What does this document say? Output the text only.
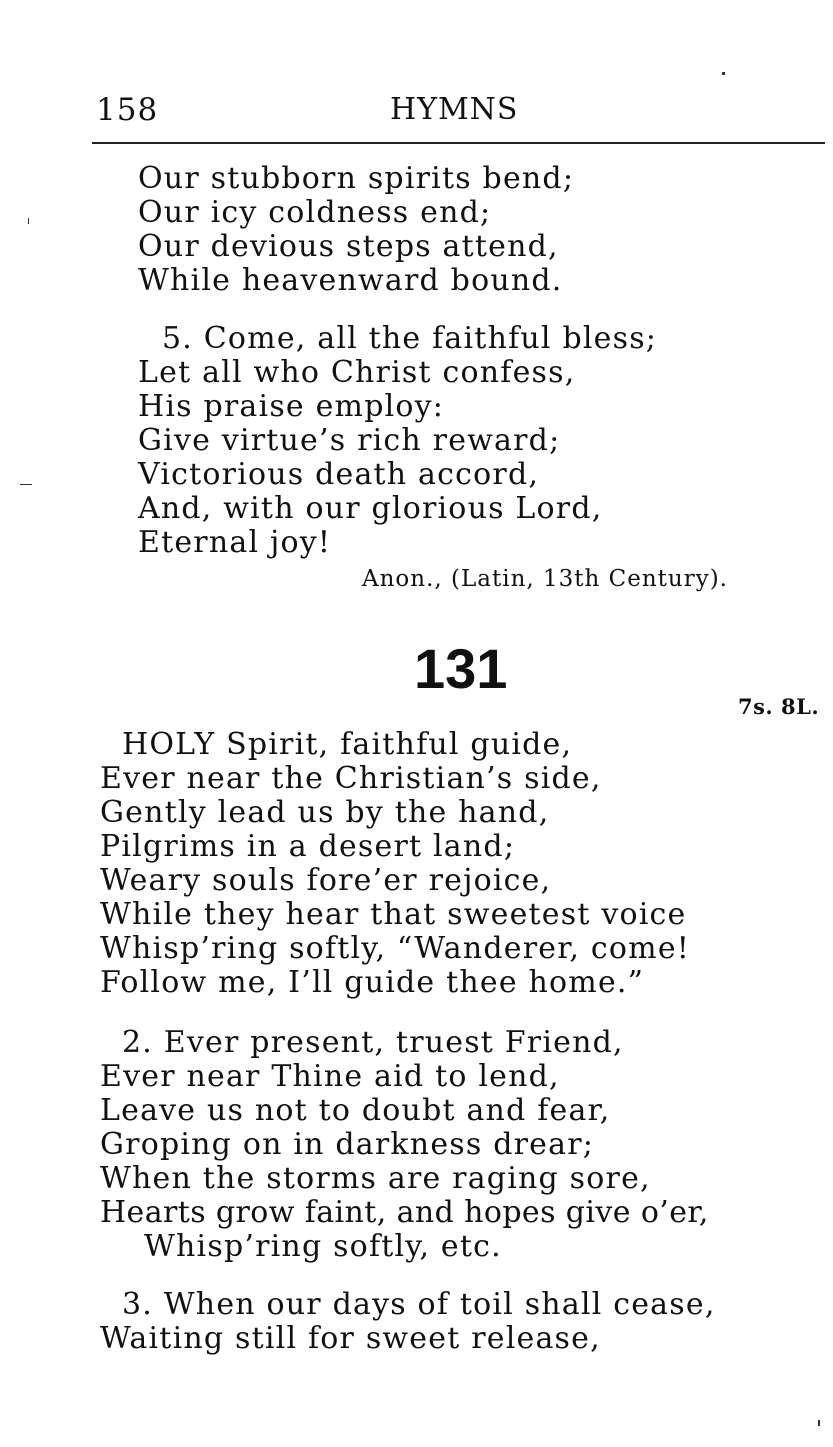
158	HYMNS
Our stubborn spirits bend;
Our icy coldness end;
Our devious steps attend,
While heavenward bound.
5. Come, all the faithful bless;
Let all who Christ confess,
His praise employ:
Give virtue’s rich reward;
Victorious death accord,
And, with our glorious Lord,
Eternal joy!
Anon., (Latin, 13th Century).
131
7s. 8L.
HOLY Spirit, faithful guide,
Ever near the Christian’s side,
Gently lead us by the hand,
Pilgrims in a desert land;
Weary souls fore’er rejoice,
While they hear that sweetest voice
Whisp’ring softly, “Wanderer, come!
Follow me, I’ll guide thee home.”
2. Ever present, truest Friend,
Ever near Thine aid to lend,
Leave us not to doubt and fear,
Groping on in darkness drear;
When the storms are raging sore,
Hearts grow faint, and hopes give o’er,
Whisp’ring softly, etc.
3. When our days of toil shall cease,
Waiting still for sweet release,
